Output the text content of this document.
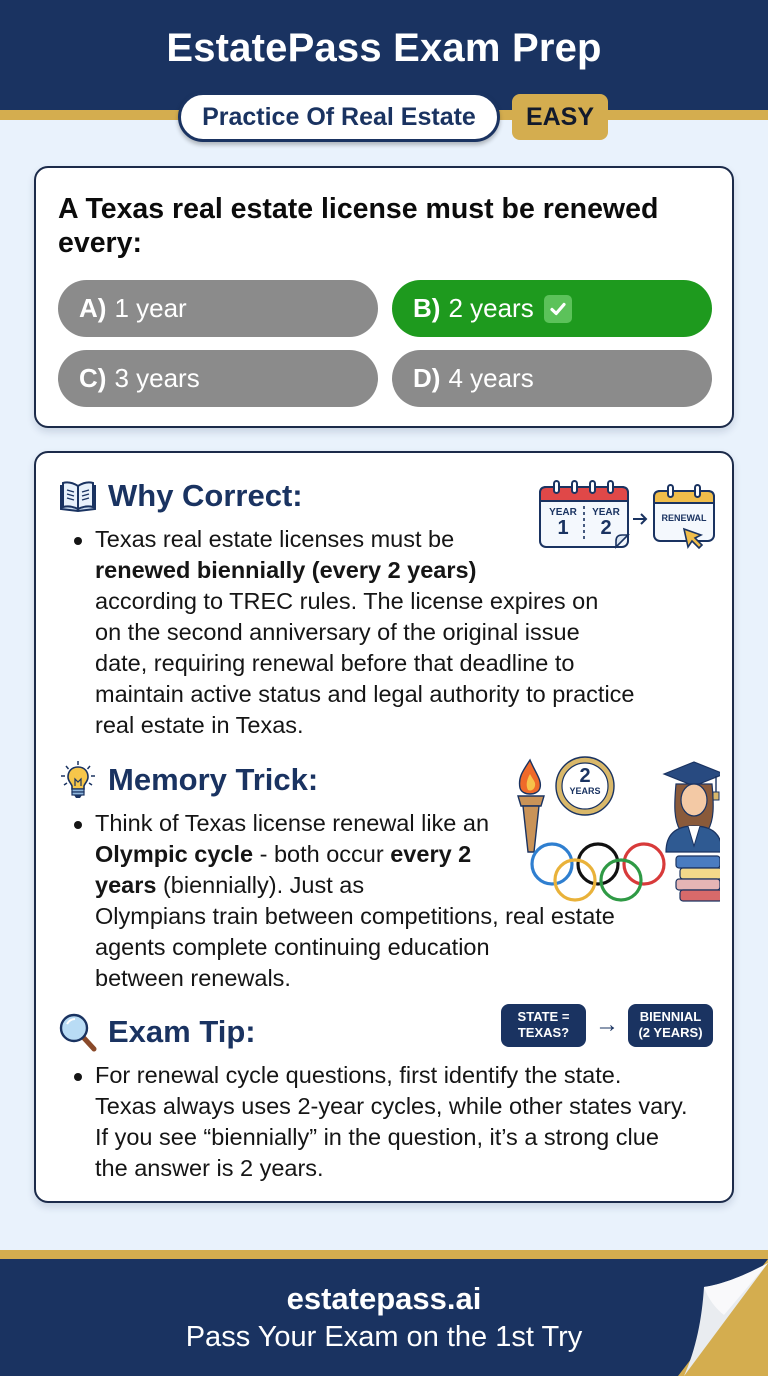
EstatePass Exam Prep
Practice Of Real Estate	EASY
A Texas real estate license must be renewed
every:
A) 1 year	B) 2 years
C) 3 years	D) 4 years
Why Correct:
Texas real estate licenses must be
renewed biennially (every 2 years)
according to TREC rules. The license expires on
on the second anniversary of the original issue
date, requiring renewal before that deadline to
maintain active status and legal authority to practice
real estate in Texas.
YEAR
1
YEAR
2	RENEWAL
Memory Trick:
Think of Texas license renewal like an
Olympic cycle - both occur every 2
years (biennially). Just as
Olympians train between competitions, real estate
agents complete continuing education
between renewals.
2
YEARS
Exam Tip:
For renewal cycle questions, first identify the state.
Texas always uses 2-year cycles, while other states vary.
If you see “biennially” in the question, it’s a strong clue
the answer is 2 years.
STATE =
TEXAS?	→	BIENNIAL
(2 YEARS)
estatepass.ai
Pass Your Exam on the 1st Try
